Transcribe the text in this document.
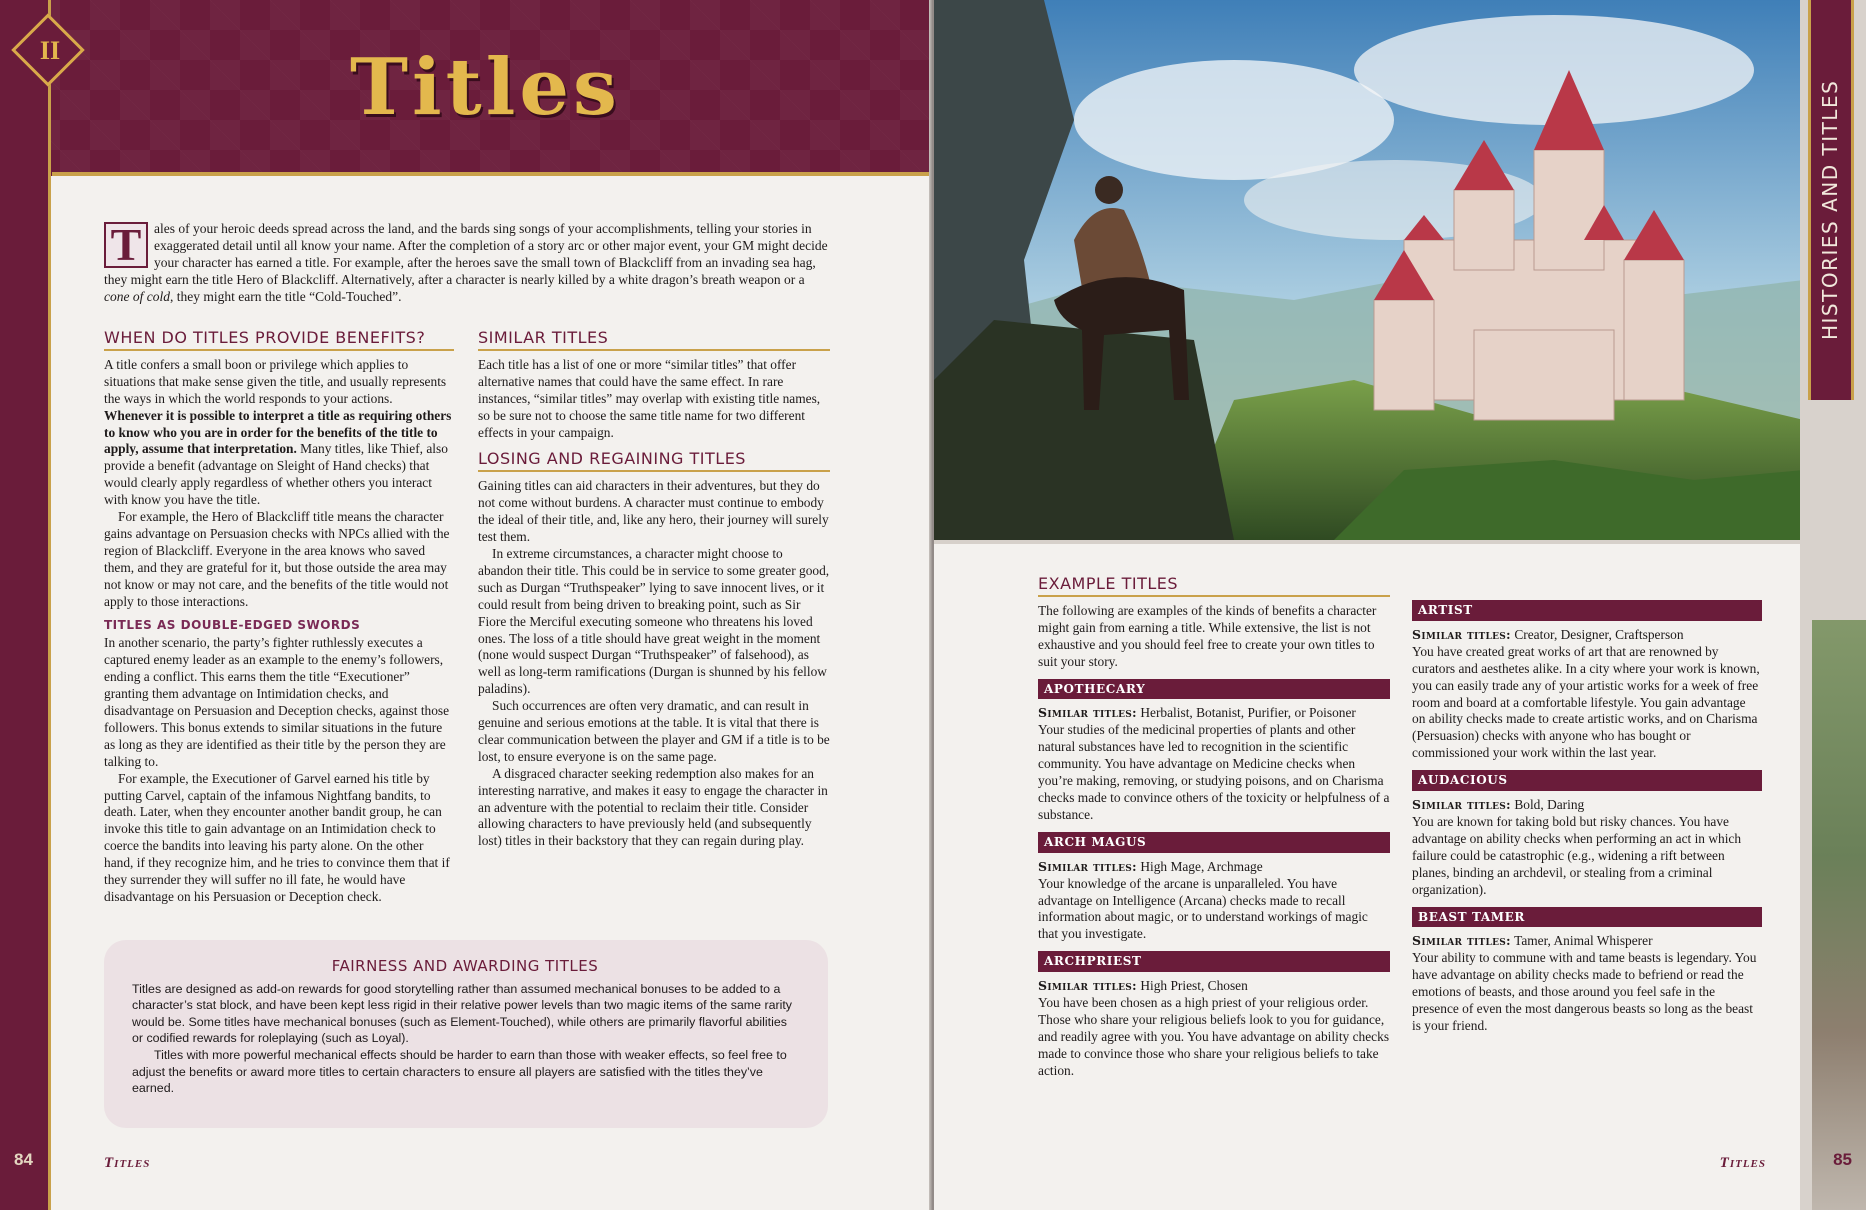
II	Titles
T ales of your heroic deeds spread across the land, and the bards sing songs of your accomplishments, telling your stories in exaggerated detail until all know your name. After the completion of a story arc or other major event, your GM might decide your character has earned a title. For example, after the heroes save the small town of Blackcliff from an invading sea hag, they might earn the title Hero of Blackcliff. Alternatively, after a character is nearly killed by a white dragon’s breath weapon or a cone of cold, they might earn the title “Cold-Touched”.
WHEN DO TITLES PROVIDE BENEFITS?

A title confers a small boon or privilege which applies to situations that make sense given the title, and usually represents the ways in which the world responds to your actions. Whenever it is possible to interpret a title as requiring others to know who you are in order for the benefits of the title to apply, assume that interpretation. Many titles, like Thief, also provide a benefit (advantage on Sleight of Hand checks) that would clearly apply regardless of whether others you interact with know you have the title.

For example, the Hero of Blackcliff title means the character gains advantage on Persuasion checks with NPCs allied with the region of Blackcliff. Everyone in the area knows who saved them, and they are grateful for it, but those outside the area may not know or may not care, and the benefits of the title would not apply to those interactions.

TITLES AS DOUBLE-EDGED SWORDS

In another scenario, the party’s fighter ruthlessly executes a captured enemy leader as an example to the enemy’s followers, ending a conflict. This earns them the title “Executioner” granting them advantage on Intimidation checks, and disadvantage on Persuasion and Deception checks, against those followers. This bonus extends to similar situations in the future as long as they are identified as their title by the person they are talking to.

For example, the Executioner of Garvel earned his title by putting Carvel, captain of the infamous Nightfang bandits, to death. Later, when they encounter another bandit group, he can invoke this title to gain advantage on an Intimidation check to coerce the bandits into leaving his party alone. On the other hand, if they recognize him, and he tries to convince them that if they surrender they will suffer no ill fate, he would have disadvantage on his Persuasion or Deception check.

SIMILAR TITLES

Each title has a list of one or more “similar titles” that offer alternative names that could have the same effect. In rare instances, “similar titles” may overlap with existing title names, so be sure not to choose the same title name for two different effects in your campaign.

LOSING AND REGAINING TITLES

Gaining titles can aid characters in their adventures, but they do not come without burdens. A character must continue to embody the ideal of their title, and, like any hero, their journey will surely test them.

In extreme circumstances, a character might choose to abandon their title. This could be in service to some greater good, such as Durgan “Truthspeaker” lying to save innocent lives, or it could result from being driven to breaking point, such as Sir Fiore the Merciful executing someone who threatens his loved ones. The loss of a title should have great weight in the moment (none would suspect Durgan “Truthspeaker” of falsehood), as well as long-term ramifications (Durgan is shunned by his fellow paladins).

Such occurrences are often very dramatic, and can result in genuine and serious emotions at the table. It is vital that there is clear communication between the player and GM if a title is to be lost, to ensure everyone is on the same page.

A disgraced character seeking redemption also makes for an interesting narrative, and makes it easy to engage the character in an adventure with the potential to reclaim their title. Consider allowing characters to have previously held (and subsequently lost) titles in their backstory that they can regain during play.

FAIRNESS AND AWARDING TITLES

Titles are designed as add-on rewards for good storytelling rather than assumed mechanical bonuses to be added to a character’s stat block, and have been kept less rigid in their relative power levels than two magic items of the same rarity would be. Some titles have mechanical bonuses (such as Element-Touched), while others are primarily flavorful abilities or codified rewards for roleplaying (such as Loyal).

Titles with more powerful mechanical effects should be harder to earn than those with weaker effects, so feel free to adjust the benefits or award more titles to certain characters to ensure all players are satisfied with the titles they’ve earned.

84	Titles
HISTORIES AND TITLES
EXAMPLE TITLES

The following are examples of the kinds of benefits a character might gain from earning a title. While extensive, the list is not exhaustive and you should feel free to create your own titles to suit your story.

APOTHECARY

Similar titles: Herbalist, Botanist, Purifier, or Poisoner

Your studies of the medicinal properties of plants and other natural substances have led to recognition in the scientific community. You have advantage on Medicine checks when you’re making, removing, or studying poisons, and on Charisma checks made to convince others of the toxicity or helpfulness of a substance.

ARCH MAGUS

Similar titles: High Mage, Archmage

Your knowledge of the arcane is unparalleled. You have advantage on Intelligence (Arcana) checks made to recall information about magic, or to understand workings of magic that you investigate.

ARCHPRIEST

Similar titles: High Priest, Chosen

You have been chosen as a high priest of your religious order. Those who share your religious beliefs look to you for guidance, and readily agree with you. You have advantage on ability checks made to convince those who share your religious beliefs to take action.

ARTIST

Similar titles: Creator, Designer, Craftsperson

You have created great works of art that are renowned by curators and aesthetes alike. In a city where your work is known, you can easily trade any of your artistic works for a week of free room and board at a comfortable lifestyle. You gain advantage on ability checks made to create artistic works, and on Charisma (Persuasion) checks with anyone who has bought or commissioned your work within the last year.

AUDACIOUS

Similar titles: Bold, Daring

You are known for taking bold but risky chances. You have advantage on ability checks when performing an act in which failure could be catastrophic (e.g., widening a rift between planes, binding an archdevil, or stealing from a criminal organization).

BEAST TAMER

Similar titles: Tamer, Animal Whisperer

Your ability to commune with and tame beasts is legendary. You have advantage on ability checks made to befriend or read the emotions of beasts, and those around you feel safe in the presence of even the most dangerous beasts so long as the beast is your friend.

85
Titles
